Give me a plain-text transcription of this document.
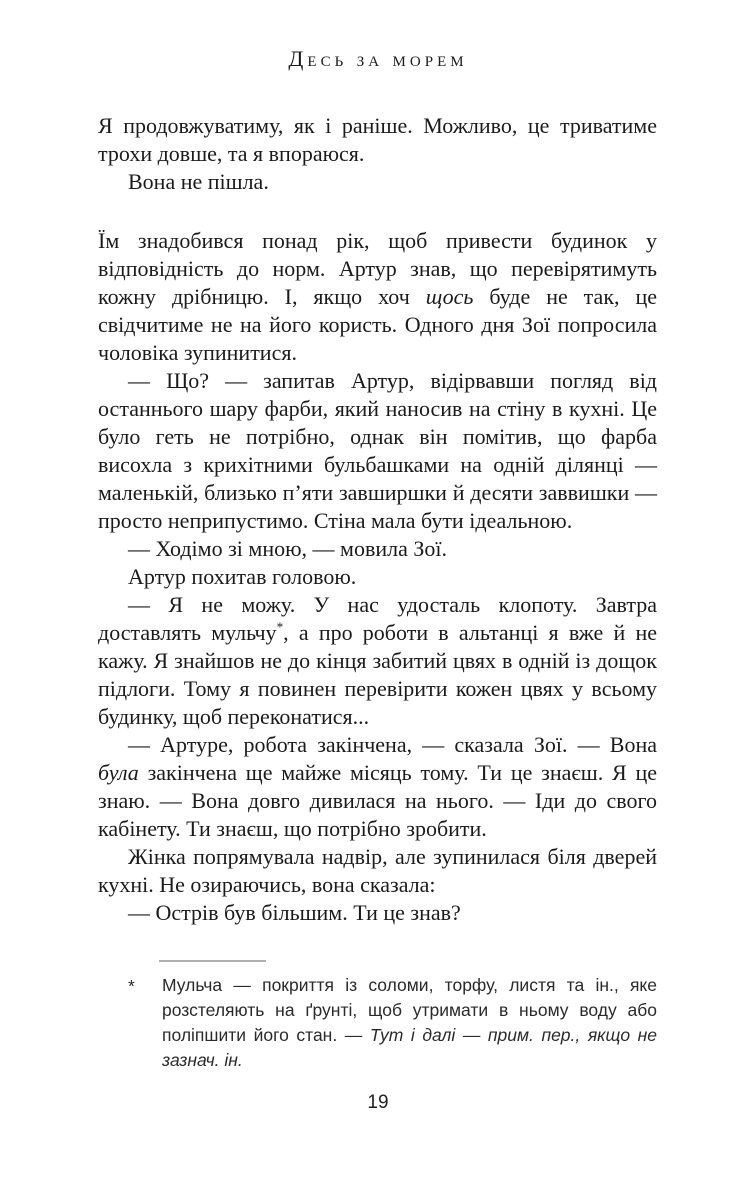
Десь за морем

Я продовжуватиму, як і раніше. Можливо, це триватиме трохи довше, та я впораюся.

Вона не пішла.

Їм знадобився понад рік, щоб привести будинок у відповідність до норм. Артур знав, що перевірятимуть кожну дрібницю. І, якщо хоч щось буде не так, це свідчитиме не на його користь. Одного дня Зої попросила чоловіка зупинитися.

— Що? — запитав Артур, відірвавши погляд від останнього шару фарби, який наносив на стіну в кухні. Це було геть не потрібно, однак він помітив, що фарба висохла з крихітними бульбашками на одній ділянці — маленькій, близько п’яти завширшки й десяти заввишки — просто неприпустимо. Стіна мала бути ідеальною.

— Ходімо зі мною, — мовила Зої.

Артур похитав головою.

— Я не можу. У нас удосталь клопоту. Завтра доставлять мульчу*, а про роботи в альтанці я вже й не кажу. Я знайшов не до кінця забитий цвях в одній із дощок підлоги. Тому я повинен перевірити кожен цвях у всьому будинку, щоб переконатися...

— Артуре, робота закінчена, — сказала Зої. — Вона була закінчена ще майже місяць тому. Ти це знаєш. Я це знаю. — Вона довго дивилася на нього. — Іди до свого кабінету. Ти знаєш, що потрібно зробити.

Жінка попрямувала надвір, але зупинилася біля дверей кухні. Не озираючись, вона сказала:

— Острів був більшим. Ти це знав?

* Мульча — покриття із соломи, торфу, листя та ін., яке розстеляють на ґрунті, щоб утримати в ньому воду або поліпшити його стан. — Тут і далі — прим. пер., якщо не зазнач. ін.
19
